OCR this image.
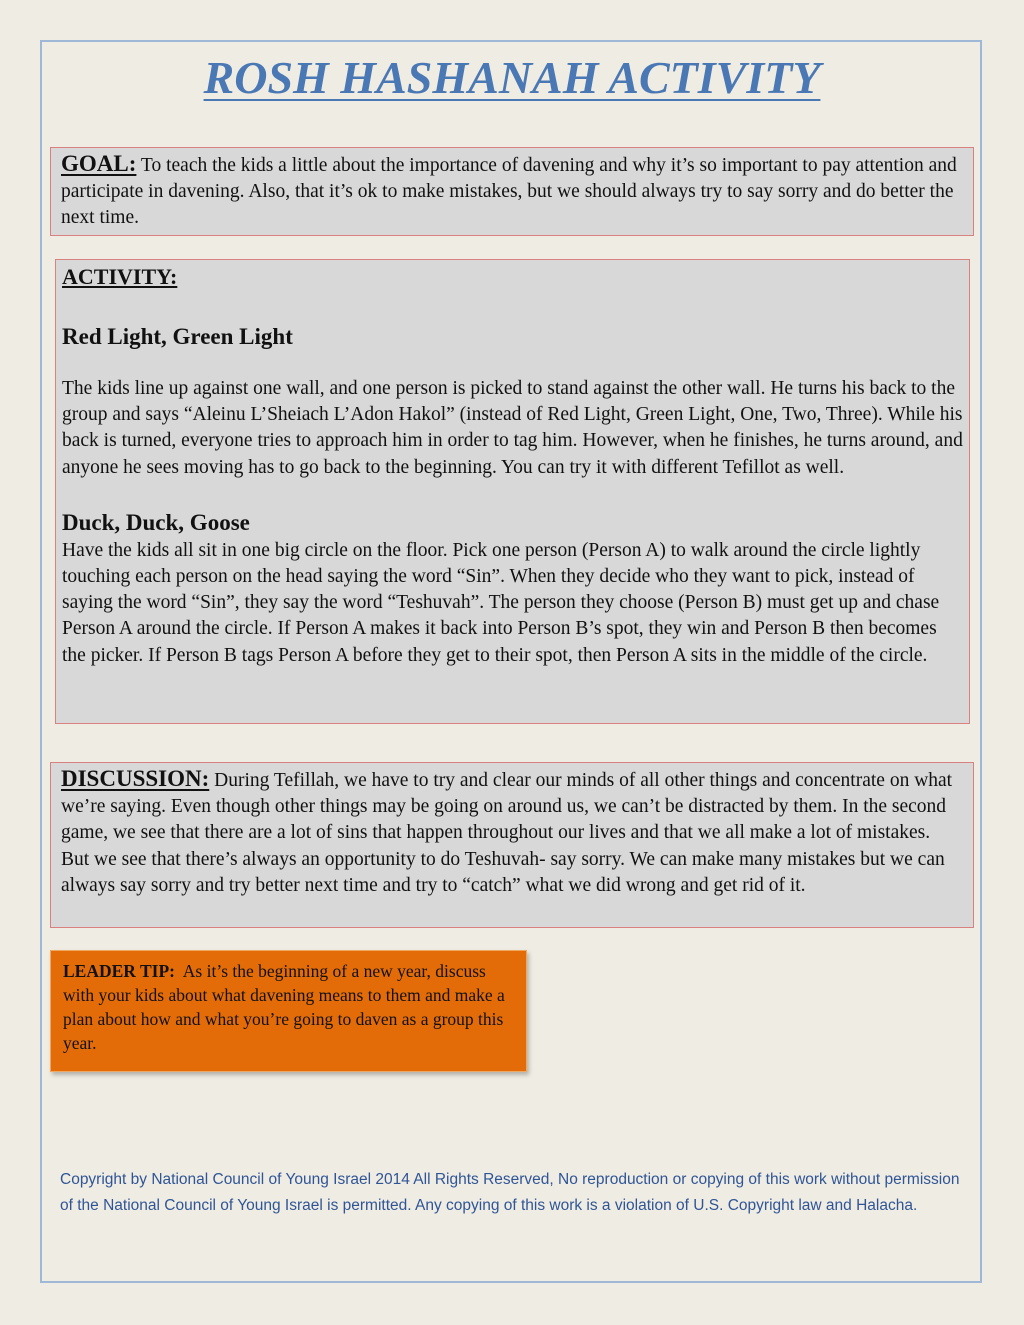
ROSH HASHANAH ACTIVITY

GOAL: To teach the kids a little about the importance of davening and why it’s so important to pay attention and participate in davening. Also, that it’s ok to make mistakes, but we should always try to say sorry and do better the next time.

ACTIVITY:
Red Light, Green Light

The kids line up against one wall, and one person is picked to stand against the other wall. He turns his back to the group and says “Aleinu L’Sheiach L’Adon Hakol” (instead of Red Light, Green Light, One, Two, Three). While his back is turned, everyone tries to approach him in order to tag him. However, when he finishes, he turns around, and anyone he sees moving has to go back to the beginning. You can try it with different Tefillot as well.

Duck, Duck, Goose

Have the kids all sit in one big circle on the floor. Pick one person (Person A) to walk around the circle lightly touching each person on the head saying the word “Sin”. When they decide who they want to pick, instead of saying the word “Sin”, they say the word “Teshuvah”. The person they choose (Person B) must get up and chase Person A around the circle. If Person A makes it back into Person B’s spot, they win and Person B then becomes the picker. If Person B tags Person A before they get to their spot, then Person A sits in the middle of the circle.

DISCUSSION: During Tefillah, we have to try and clear our minds of all other things and concentrate on what we’re saying. Even though other things may be going on around us, we can’t be distracted by them. In the second game, we see that there are a lot of sins that happen throughout our lives and that we all make a lot of mistakes. But we see that there’s always an opportunity to do Teshuvah- say sorry. We can make many mistakes but we can always say sorry and try better next time and try to “catch” what we did wrong and get rid of it.

LEADER TIP: As it’s the beginning of a new year, discuss with your kids about what davening means to them and make a plan about how and what you’re going to daven as a group this year.

Copyright by National Council of Young Israel 2014 All Rights Reserved, No reproduction or copying of this work without permission of the National Council of Young Israel is permitted. Any copying of this work is a violation of U.S. Copyright law and Halacha.
